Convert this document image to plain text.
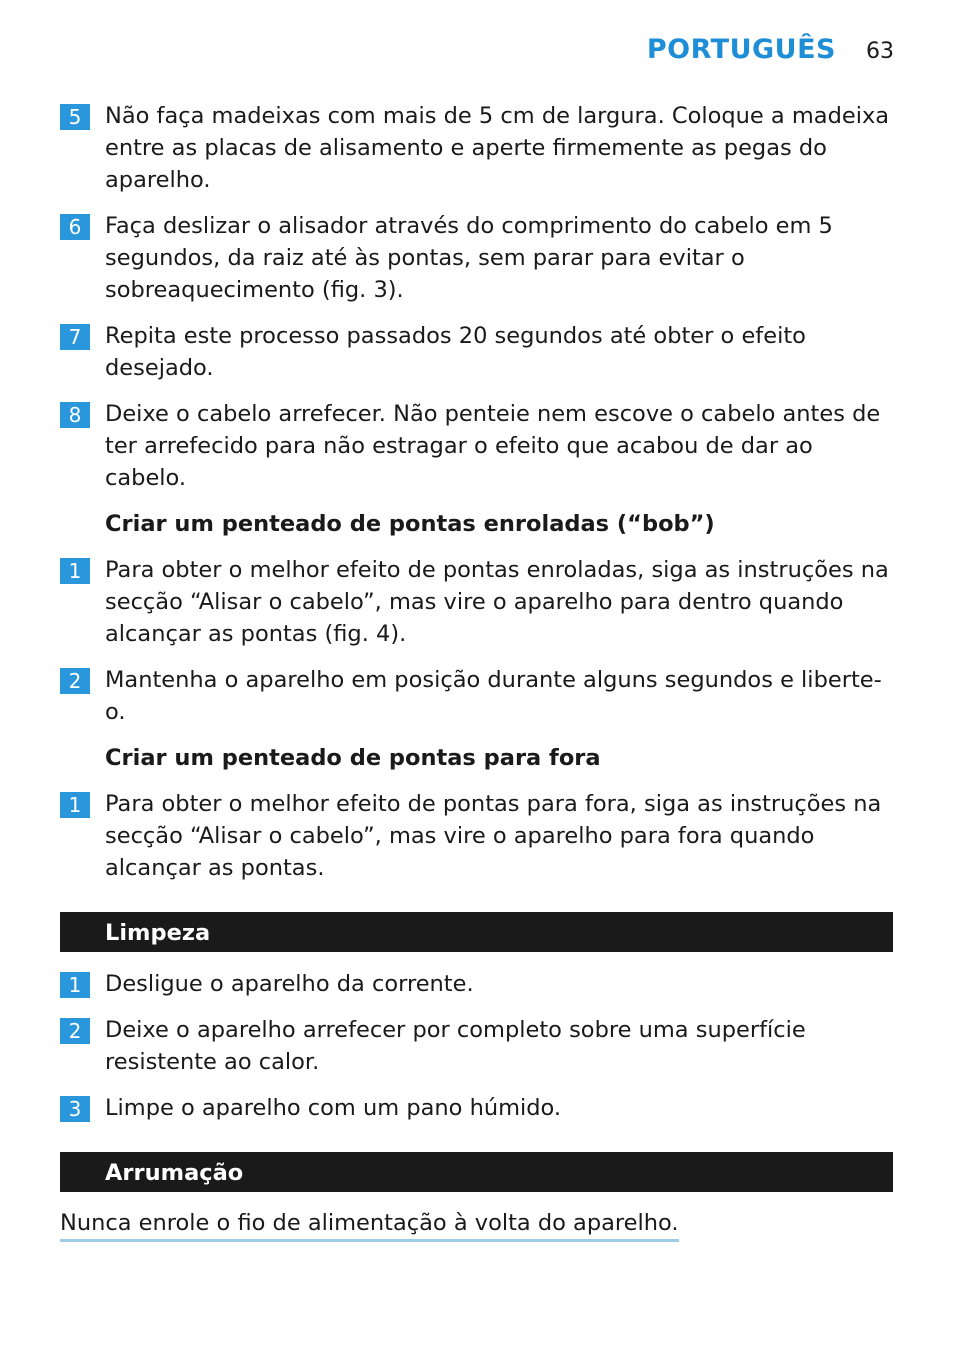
PORTUGUÊS 63
5	Não faça madeixas com mais de 5 cm de largura. Coloque a madeixa entre as placas de alisamento e aperte firmemente as pegas do aparelho.
6	Faça deslizar o alisador através do comprimento do cabelo em 5 segundos, da raiz até às pontas, sem parar para evitar o sobreaquecimento (fig. 3).
7	Repita este processo passados 20 segundos até obter o efeito desejado.
8	Deixe o cabelo arrefecer. Não penteie nem escove o cabelo antes de ter arrefecido para não estragar o efeito que acabou de dar ao cabelo.
Criar um penteado de pontas enroladas (“bob”)
1	Para obter o melhor efeito de pontas enroladas, siga as instruções na secção “Alisar o cabelo”, mas vire o aparelho para dentro quando alcançar as pontas (fig. 4).
2	Mantenha o aparelho em posição durante alguns segundos e liberte-o.
Criar um penteado de pontas para fora
1	Para obter o melhor efeito de pontas para fora, siga as instruções na secção “Alisar o cabelo”, mas vire o aparelho para fora quando alcançar as pontas.
Limpeza
1	Desligue o aparelho da corrente.
2	Deixe o aparelho arrefecer por completo sobre uma superfície resistente ao calor.
3	Limpe o aparelho com um pano húmido.
Arrumação
Nunca enrole o fio de alimentação à volta do aparelho.
